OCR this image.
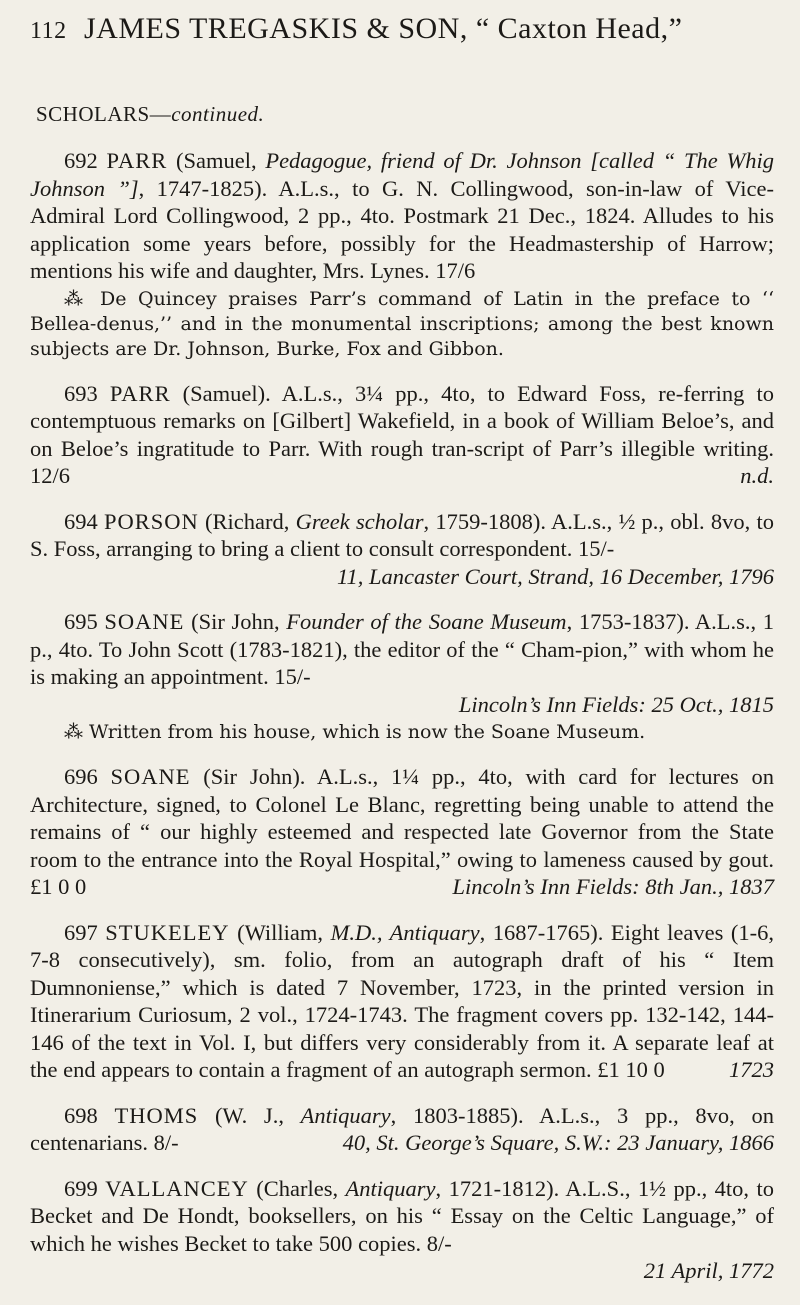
112 JAMES TREGASKIS & SON, “ Caxton Head,”
SCHOLARS—continued.
692 PARR (Samuel, Pedagogue, friend of Dr. Johnson [called “ The Whig Johnson ”], 1747-1825). A.L.s., to G. N. Collingwood, son-in-law of Vice-Admiral Lord Collingwood, 2 pp., 4to. Postmark 21 Dec., 1824. Alludes to his application some years before, possibly for the Headmastership of Harrow; mentions his wife and daughter, Mrs. Lynes. 17/6
⁂ De Quincey praises Parr’s command of Latin in the preface to ‘‘ Bellea-denus,’’ and in the monumental inscriptions; among the best known subjects are Dr. Johnson, Burke, Fox and Gibbon.
693 PARR (Samuel). A.L.s., 3¼ pp., 4to, to Edward Foss, re-ferring to contemptuous remarks on [Gilbert] Wakefield, in a book of William Beloe’s, and on Beloe’s ingratitude to Parr. With rough tran-script of Parr’s illegible writing. 12/6	n.d.
694 PORSON (Richard, Greek scholar, 1759-1808). A.L.s., ½ p., obl. 8vo, to S. Foss, arranging to bring a client to consult correspondent. 15/-
11, Lancaster Court, Strand, 16 December, 1796
695 SOANE (Sir John, Founder of the Soane Museum, 1753-1837). A.L.s., 1 p., 4to. To John Scott (1783-1821), the editor of the “ Cham-pion,” with whom he is making an appointment. 15/-
Lincoln’s Inn Fields: 25 Oct., 1815
⁂ Written from his house, which is now the Soane Museum.
696 SOANE (Sir John). A.L.s., 1¼ pp., 4to, with card for lectures on Architecture, signed, to Colonel Le Blanc, regretting being unable to attend the remains of “ our highly esteemed and respected late Governor from the State room to the entrance into the Royal Hospital,” owing to lameness caused by gout. £1 0 0	Lincoln’s Inn Fields: 8th Jan., 1837
697 STUKELEY (William, M.D., Antiquary, 1687-1765). Eight leaves (1-6, 7-8 consecutively), sm. folio, from an autograph draft of his “ Item Dumnoniense,” which is dated 7 November, 1723, in the printed version in Itinerarium Curiosum, 2 vol., 1724-1743. The fragment covers pp. 132-142, 144-146 of the text in Vol. I, but differs very considerably from it. A separate leaf at the end appears to contain a fragment of an autograph sermon. £1 10 0	1723
698 THOMS (W. J., Antiquary, 1803-1885). A.L.s., 3 pp., 8vo, on centenarians. 8/-	40, St. George’s Square, S.W.: 23 January, 1866
699 VALLANCEY (Charles, Antiquary, 1721-1812). A.L.S., 1½ pp., 4to, to Becket and De Hondt, booksellers, on his “ Essay on the Celtic Language,” of which he wishes Becket to take 500 copies. 8/-
21 April, 1772
